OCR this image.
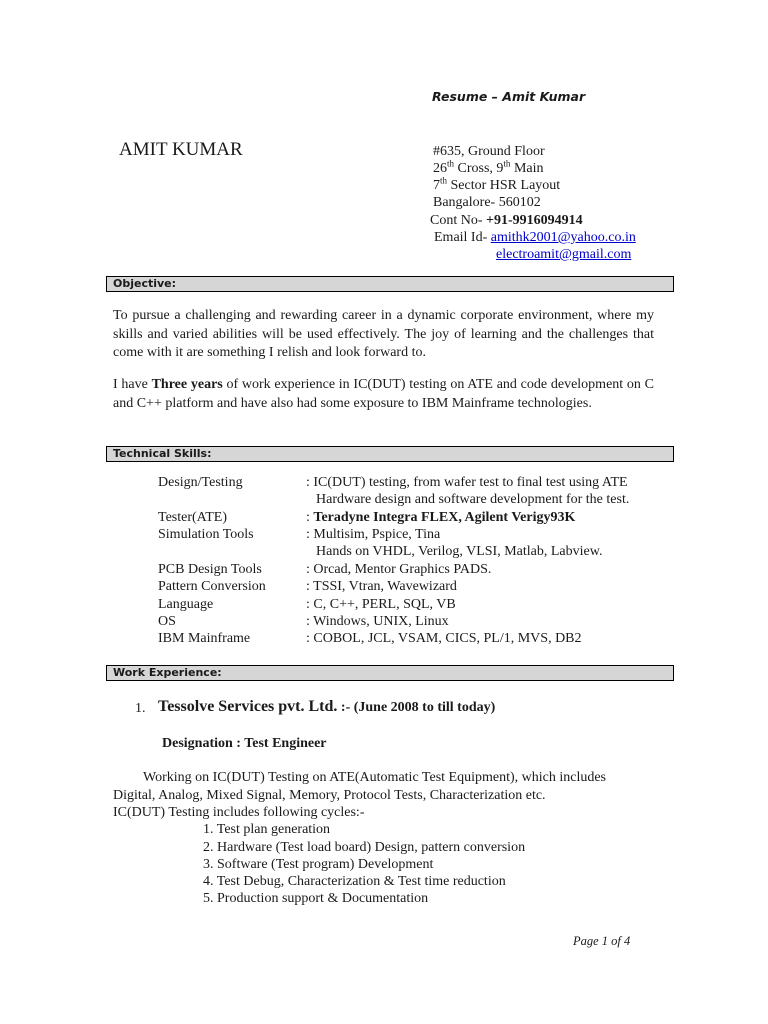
Resume – Amit Kumar
AMIT KUMAR	#635, Ground Floor
26th Cross, 9th Main
7th Sector HSR Layout
Bangalore- 560102
Cont No- +91-9916094914
Email Id- amithk2001@yahoo.co.in
electroamit@gmail.com
Objective:
To pursue a challenging and rewarding career in a dynamic corporate environment, where my skills and varied abilities will be used effectively. The joy of learning and the challenges that come with it are something I relish and look forward to.
I have Three years of work experience in IC(DUT) testing on ATE and code development on C and C++ platform and have also had some exposure to IBM Mainframe technologies.
Technical Skills:
Design/Testing	: IC(DUT) testing, from wafer test to final test using ATE
Hardware design and software development for the test.
Tester(ATE)	: Teradyne Integra FLEX, Agilent Verigy93K
Simulation Tools	: Multisim, Pspice, Tina
Hands on VHDL, Verilog, VLSI, Matlab, Labview.
PCB Design Tools	: Orcad, Mentor Graphics PADS.
Pattern Conversion	: TSSI, Vtran, Wavewizard
Language	: C, C++, PERL, SQL, VB
OS	: Windows, UNIX, Linux
IBM Mainframe	: COBOL, JCL, VSAM, CICS, PL/1, MVS, DB2
Work Experience:
1. Tessolve Services pvt. Ltd. :- (June 2008 to till today)
Designation : Test Engineer
Working on IC(DUT) Testing on ATE(Automatic Test Equipment), which includes
Digital, Analog, Mixed Signal, Memory, Protocol Tests, Characterization etc.
IC(DUT) Testing includes following cycles:-
1. Test plan generation
2. Hardware (Test load board) Design, pattern conversion
3. Software (Test program) Development
4. Test Debug, Characterization & Test time reduction
5. Production support & Documentation
Page 1 of 4
